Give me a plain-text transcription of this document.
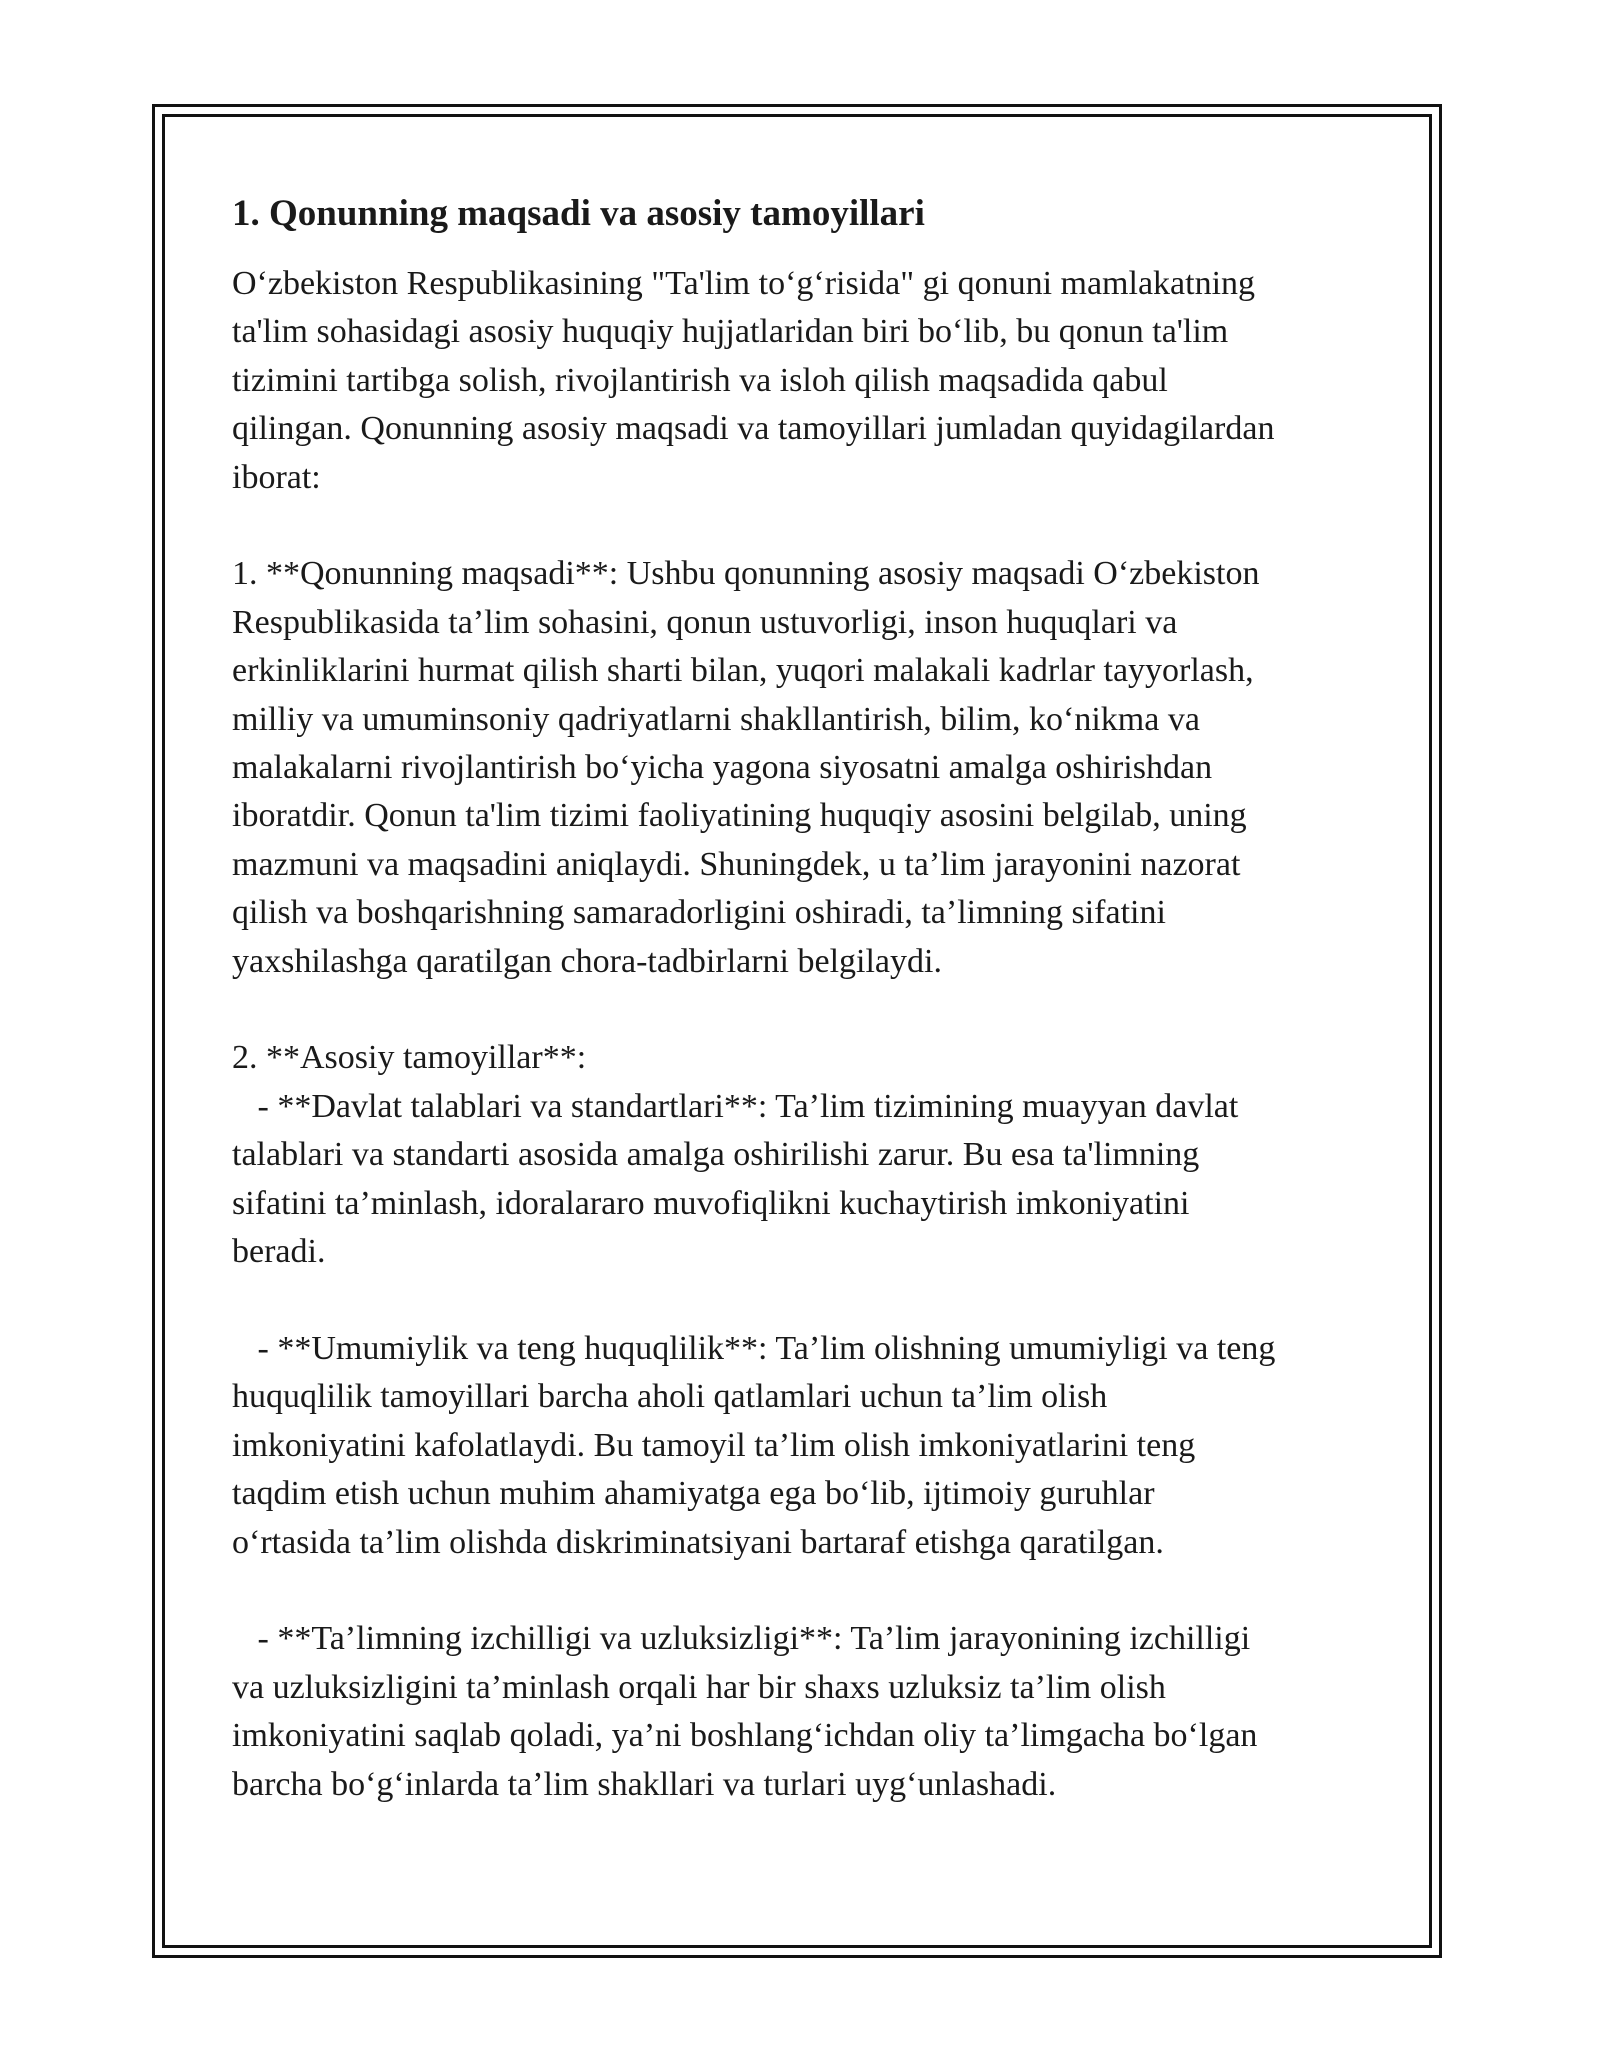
1. Qonunning maqsadi va asosiy tamoyillari

O‘zbekiston Respublikasining "Ta'lim to‘g‘risida" gi qonuni mamlakatning
ta'lim sohasidagi asosiy huquqiy hujjatlaridan biri bo‘lib, bu qonun ta'lim
tizimini tartibga solish, rivojlantirish va isloh qilish maqsadida qabul
qilingan. Qonunning asosiy maqsadi va tamoyillari jumladan quyidagilardan
iborat:

1. **Qonunning maqsadi**: Ushbu qonunning asosiy maqsadi O‘zbekiston
Respublikasida ta’lim sohasini, qonun ustuvorligi, inson huquqlari va
erkinliklarini hurmat qilish sharti bilan, yuqori malakali kadrlar tayyorlash,
milliy va umuminsoniy qadriyatlarni shakllantirish, bilim, ko‘nikma va
malakalarni rivojlantirish bo‘yicha yagona siyosatni amalga oshirishdan
iboratdir. Qonun ta'lim tizimi faoliyatining huquqiy asosini belgilab, uning
mazmuni va maqsadini aniqlaydi. Shuningdek, u ta’lim jarayonini nazorat
qilish va boshqarishning samaradorligini oshiradi, ta’limning sifatini
yaxshilashga qaratilgan chora-tadbirlarni belgilaydi.

2. **Asosiy tamoyillar**:

- **Davlat talablari va standartlari**: Ta’lim tizimining muayyan davlat
talablari va standarti asosida amalga oshirilishi zarur. Bu esa ta'limning
sifatini ta’minlash, idoralararo muvofiqlikni kuchaytirish imkoniyatini
beradi.

- **Umumiylik va teng huquqlilik**: Ta’lim olishning umumiyligi va teng
huquqlilik tamoyillari barcha aholi qatlamlari uchun ta’lim olish
imkoniyatini kafolatlaydi. Bu tamoyil ta’lim olish imkoniyatlarini teng
taqdim etish uchun muhim ahamiyatga ega bo‘lib, ijtimoiy guruhlar
o‘rtasida ta’lim olishda diskriminatsiyani bartaraf etishga qaratilgan.

- **Ta’limning izchilligi va uzluksizligi**: Ta’lim jarayonining izchilligi
va uzluksizligini ta’minlash orqali har bir shaxs uzluksiz ta’lim olish
imkoniyatini saqlab qoladi, ya’ni boshlang‘ichdan oliy ta’limgacha bo‘lgan
barcha bo‘g‘inlarda ta’lim shakllari va turlari uyg‘unlashadi.
